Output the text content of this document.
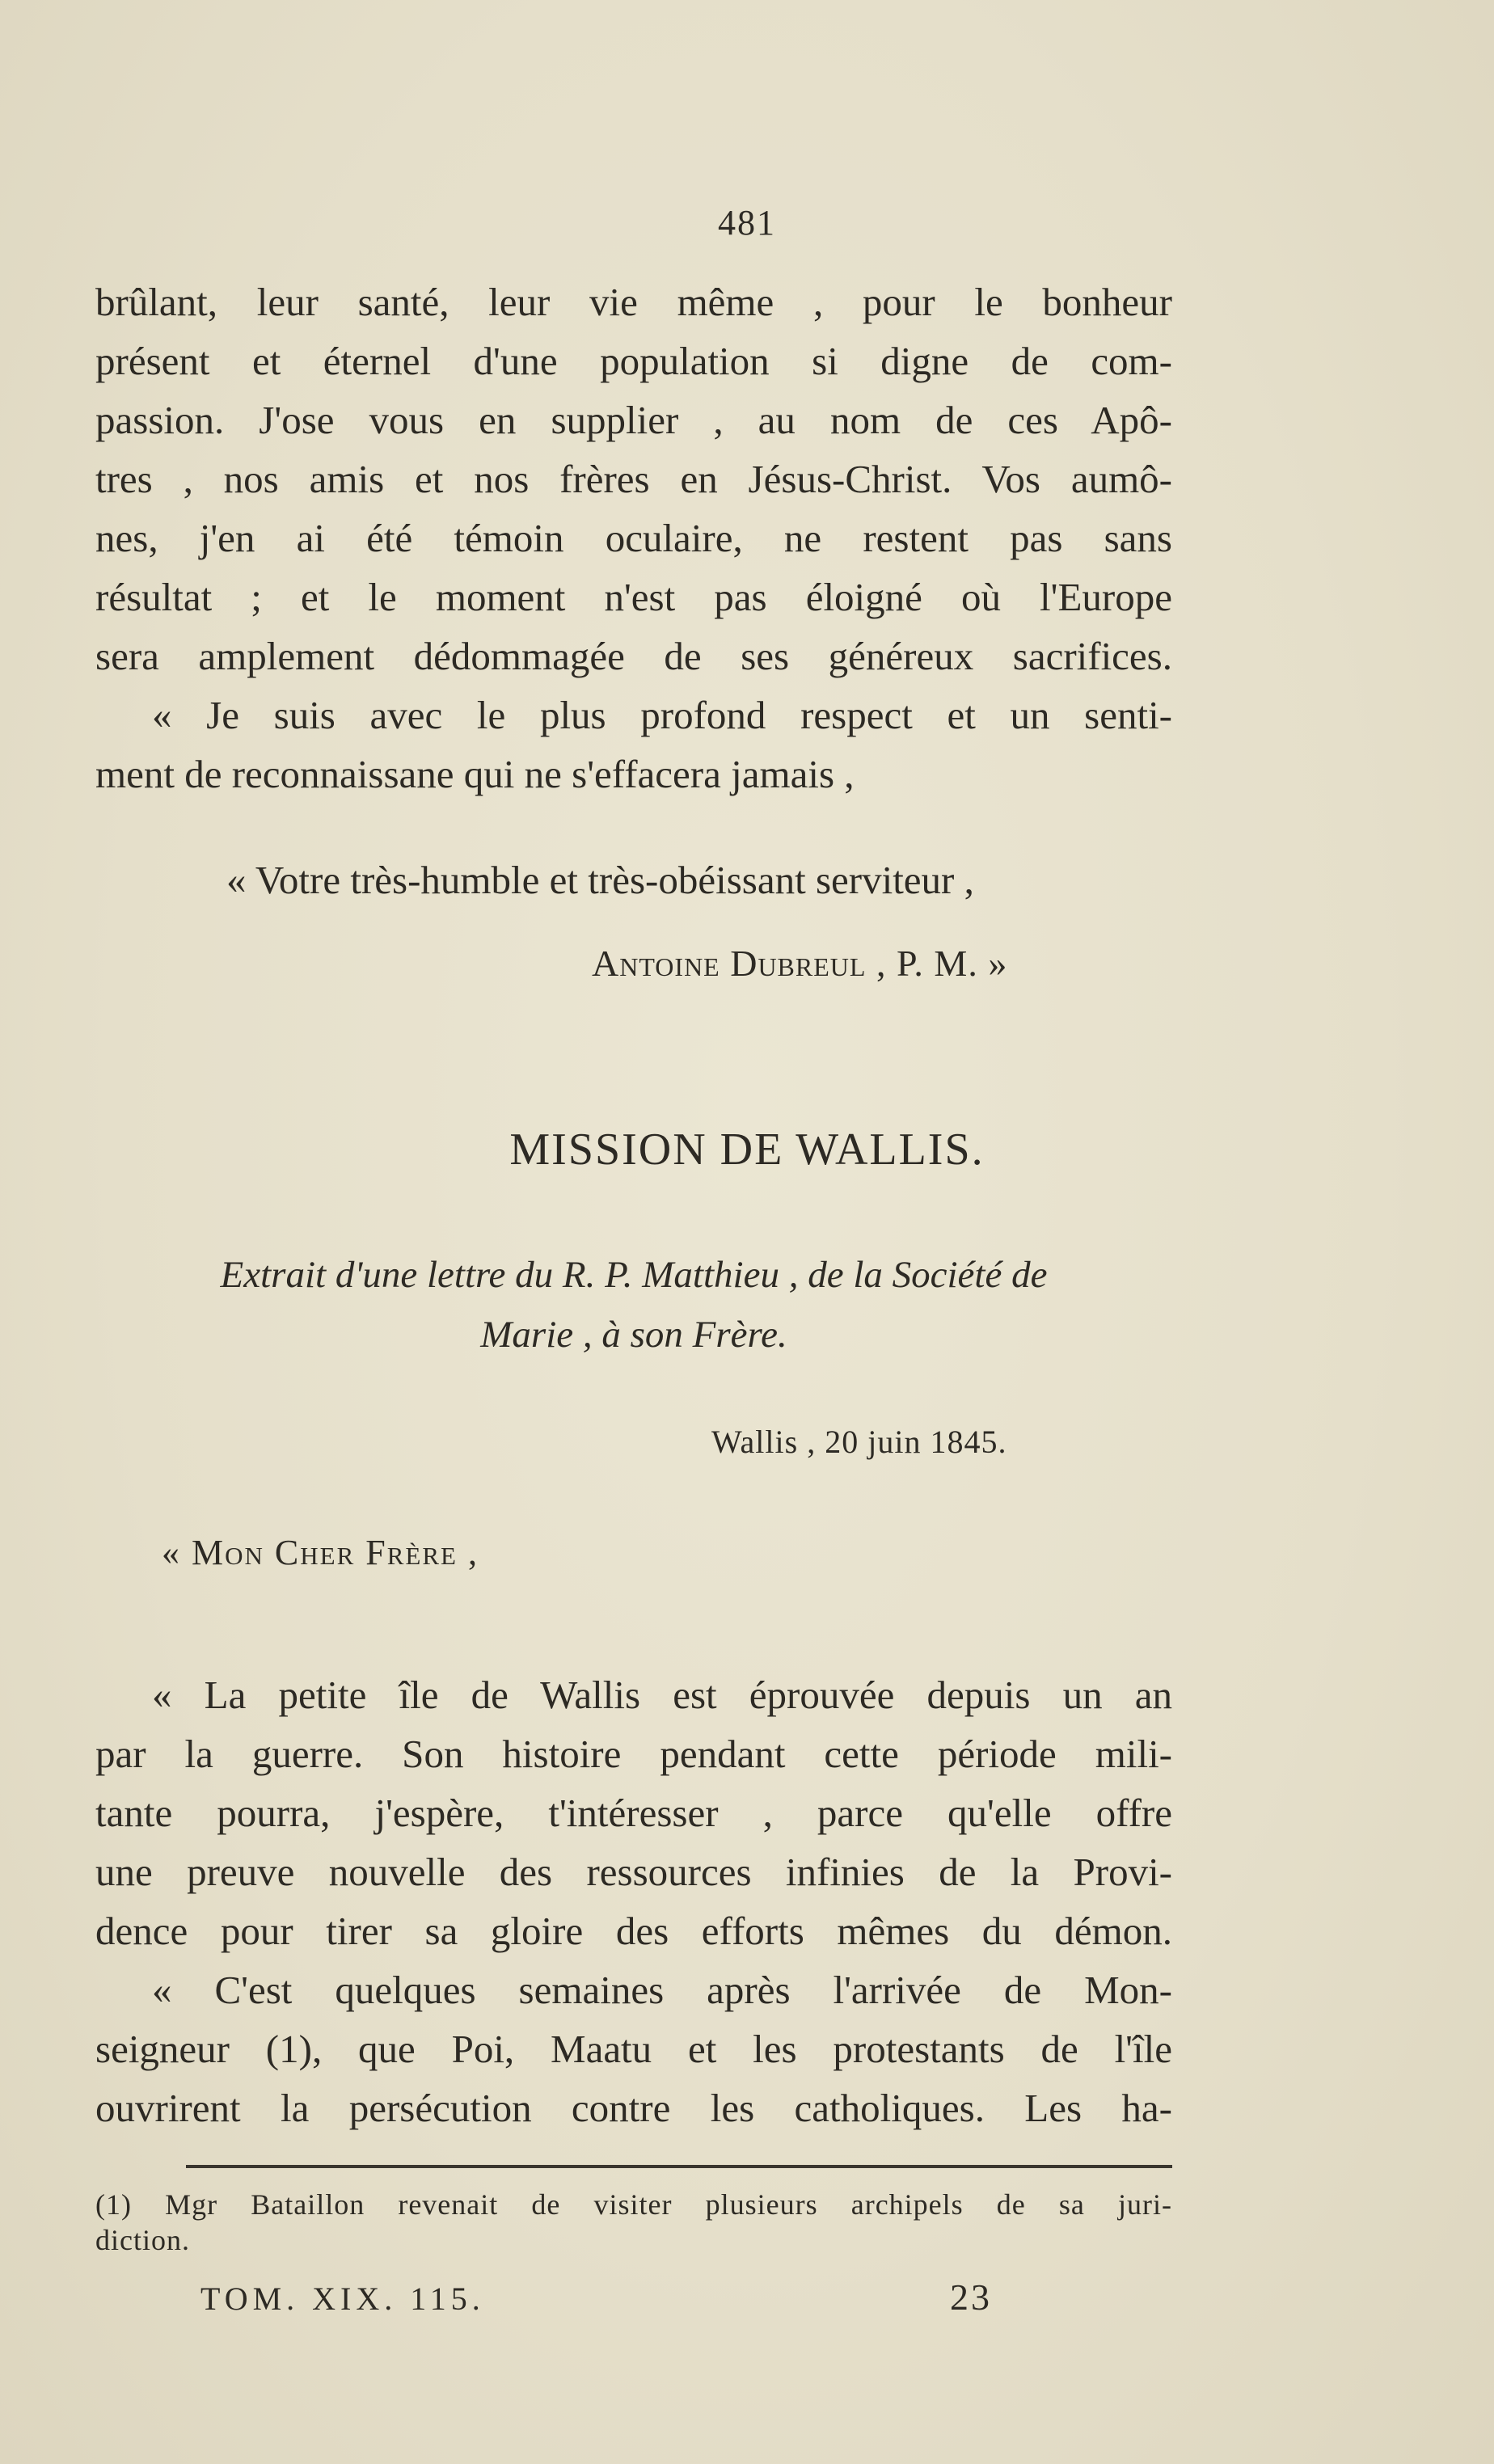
481
brûlant, leur santé, leur vie même , pour le bonheur
présent et éternel d'une population si digne de com-
passion. J'ose vous en supplier , au nom de ces Apô-
tres , nos amis et nos frères en Jésus-Christ. Vos aumô-
nes, j'en ai été témoin oculaire, ne restent pas sans
résultat ; et le moment n'est pas éloigné où l'Europe
sera amplement dédommagée de ses généreux sacrifices.
« Je suis avec le plus profond respect et un senti-
ment de reconnaissane qui ne s'effacera jamais ,
« Votre très-humble et très-obéissant serviteur ,
Antoine Dubreul , P. M. »
MISSION DE WALLIS.
Extrait d'une lettre du R. P. Matthieu , de la Société de
Marie , à son Frère.
Wallis , 20 juin 1845.
« Mon Cher Frère ,
« La petite île de Wallis est éprouvée depuis un an
par la guerre. Son histoire pendant cette période mili-
tante pourra, j'espère, t'intéresser , parce qu'elle offre
une preuve nouvelle des ressources infinies de la Provi-
dence pour tirer sa gloire des efforts mêmes du démon.
« C'est quelques semaines après l'arrivée de Mon-
seigneur (1), que Poi, Maatu et les protestants de l'île
ouvrirent la persécution contre les catholiques. Les ha-
(1) Mgr Bataillon revenait de visiter plusieurs archipels de sa juri-
diction.
TOM. XIX. 115.	23
